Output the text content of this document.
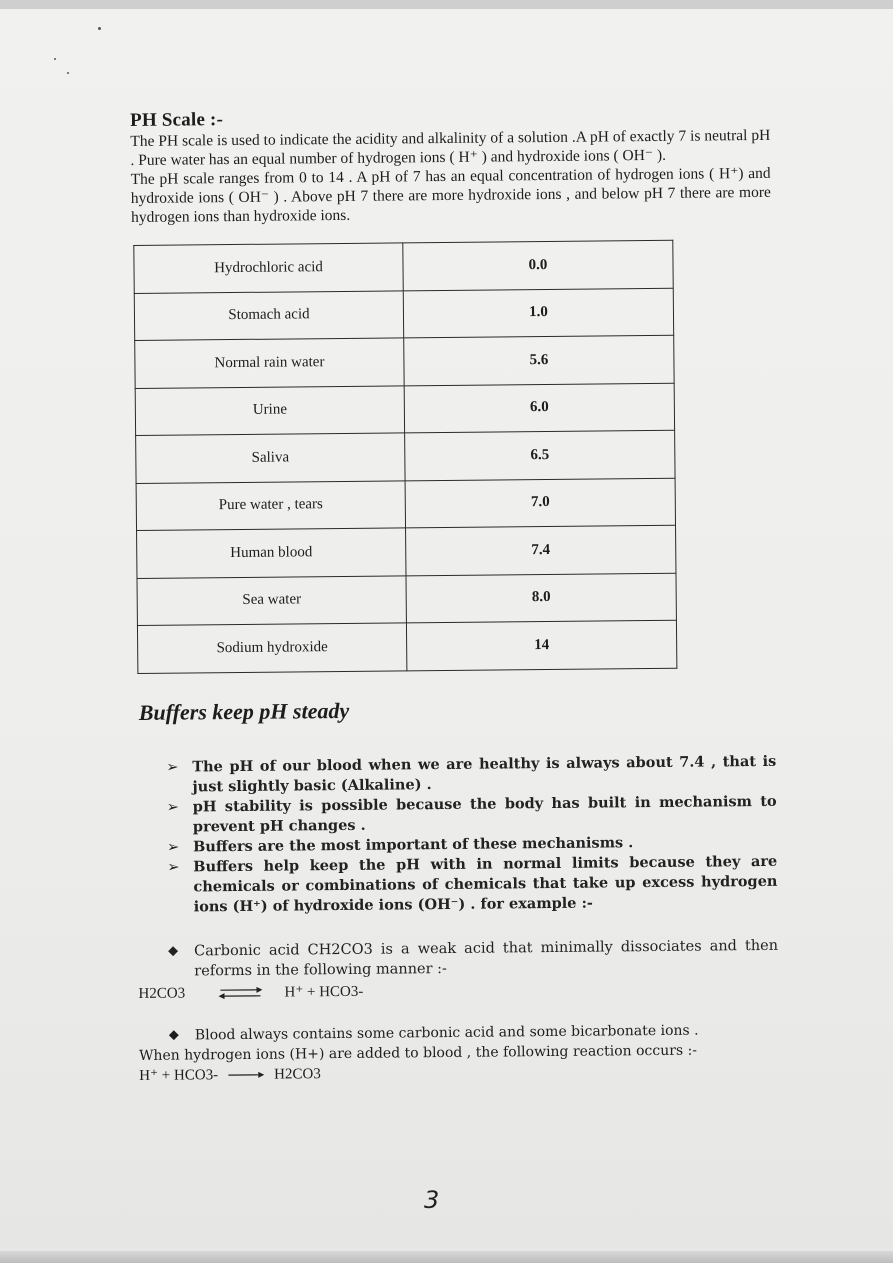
PH Scale :-

The PH scale is used to indicate the acidity and alkalinity of a solution .A pH of exactly 7 is neutral pH . Pure water has an equal number of hydrogen ions ( H⁺ ) and hydroxide ions ( OH⁻ ).

The pH scale ranges from 0 to 14 . A pH of 7 has an equal concentration of hydrogen ions ( H⁺) and hydroxide ions ( OH⁻ ) . Above pH 7 there are more hydroxide ions , and below pH 7 there are more hydrogen ions than hydroxide ions.

Hydrochloric acid	0.0
Stomach acid	1.0
Normal rain water	5.6
Urine	6.0
Saliva	6.5
Pure water , tears	7.0
Human blood	7.4
Sea water	8.0
Sodium hydroxide	14
Buffers keep pH steady
➢ The pH of our blood when we are healthy is always about 7.4 , that is just slightly basic (Alkaline) .
➢ pH stability is possible because the body has built in mechanism to prevent pH changes .
➢ Buffers are the most important of these mechanisms .
➢ Buffers help keep the pH with in normal limits because they are chemicals or combinations of chemicals that take up excess hydrogen ions (H⁺) of hydroxide ions (OH⁻) . for example :-
◆ Carbonic acid CH2CO3 is a weak acid that minimally dissociates and then reforms in the following manner :-
H2CO3	⇌ H⁺ + HCO3-
◆ Blood always contains some carbonic acid and some bicarbonate ions .
When hydrogen ions (H+) are added to blood , the following reaction occurs :-
H⁺ + HCO3-	H2CO3
3
